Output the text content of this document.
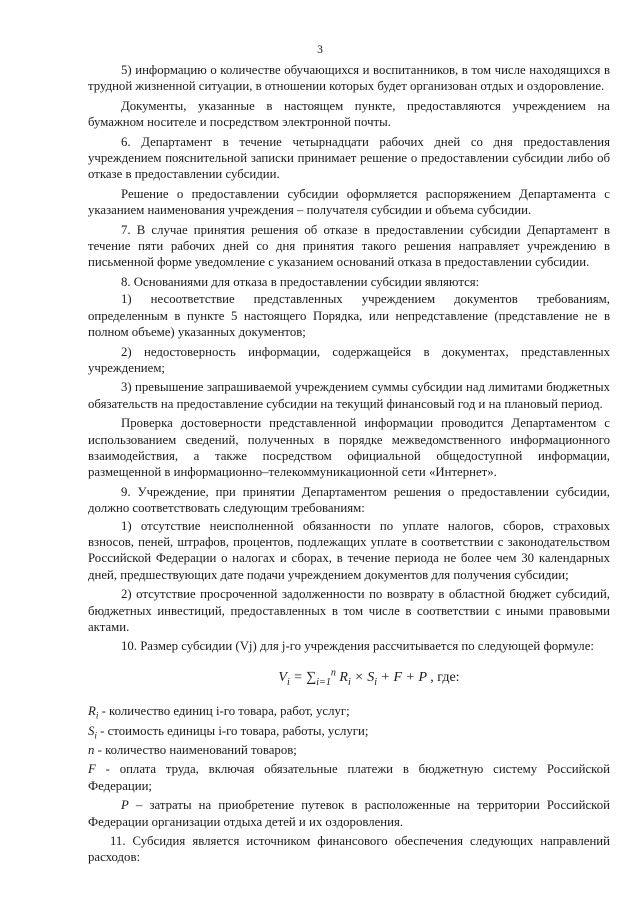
3

5) информацию о количестве обучающихся и воспитанников, в том числе находящихся в трудной жизненной ситуации, в отношении которых будет организован отдых и оздоровление.

Документы, указанные в настоящем пункте, предоставляются учреждением на бумажном носителе и посредством электронной почты.

6. Департамент в течение четырнадцати рабочих дней со дня предоставления учреждением пояснительной записки принимает решение о предоставлении субсидии либо об отказе в предоставлении субсидии.

Решение о предоставлении субсидии оформляется распоряжением Департамента с указанием наименования учреждения – получателя субсидии и объема субсидии.

7. В случае принятия решения об отказе в предоставлении субсидии Департамент в течение пяти рабочих дней со дня принятия такого решения направляет учреждению в письменной форме уведомление с указанием оснований отказа в предоставлении субсидии.

8. Основаниями для отказа в предоставлении субсидии являются:

1) несоответствие представленных учреждением документов требованиям, определенным в пункте 5 настоящего Порядка, или непредставление (представление не в полном объеме) указанных документов;

2) недостоверность информации, содержащейся в документах, представленных учреждением;

3) превышение запрашиваемой учреждением суммы субсидии над лимитами бюджетных обязательств на предоставление субсидии на текущий финансовый год и на плановый период.

Проверка достоверности представленной информации проводится Департаментом с использованием сведений, полученных в порядке межведомственного информационного взаимодействия, а также посредством официальной общедоступной информации, размещенной в информационно–телекоммуникационной сети «Интернет».

9. Учреждение, при принятии Департаментом решения о предоставлении субсидии, должно соответствовать следующим требованиям:

1) отсутствие неисполненной обязанности по уплате налогов, сборов, страховых взносов, пеней, штрафов, процентов, подлежащих уплате в соответствии с законодательством Российской Федерации о налогах и сборах, в течение периода не более чем 30 календарных дней, предшествующих дате подачи учреждением документов для получения субсидии;

2) отсутствие просроченной задолженности по возврату в областной бюджет субсидий, бюджетных инвестиций, предоставленных в том числе в соответствии с иными правовыми актами.

10. Размер субсидии (Vj) для j-го учреждения рассчитывается по следующей формуле:

$V_i = \sum_{i=1}^n$ $R_i \times S_i + F + P$ , где:

$R_i$ - количество единиц i-го товара, работ, услуг;

$S_i$ - стоимость единицы i-го товара, работы, услуги;

n - количество наименований товаров;

F - оплата труда, включая обязательные платежи в бюджетную систему Российской Федерации;

P – затраты на приобретение путевок в расположенные на территории Российской Федерации организации отдыха детей и их оздоровления.

11. Субсидия является источником финансового обеспечения следующих направлений расходов:
